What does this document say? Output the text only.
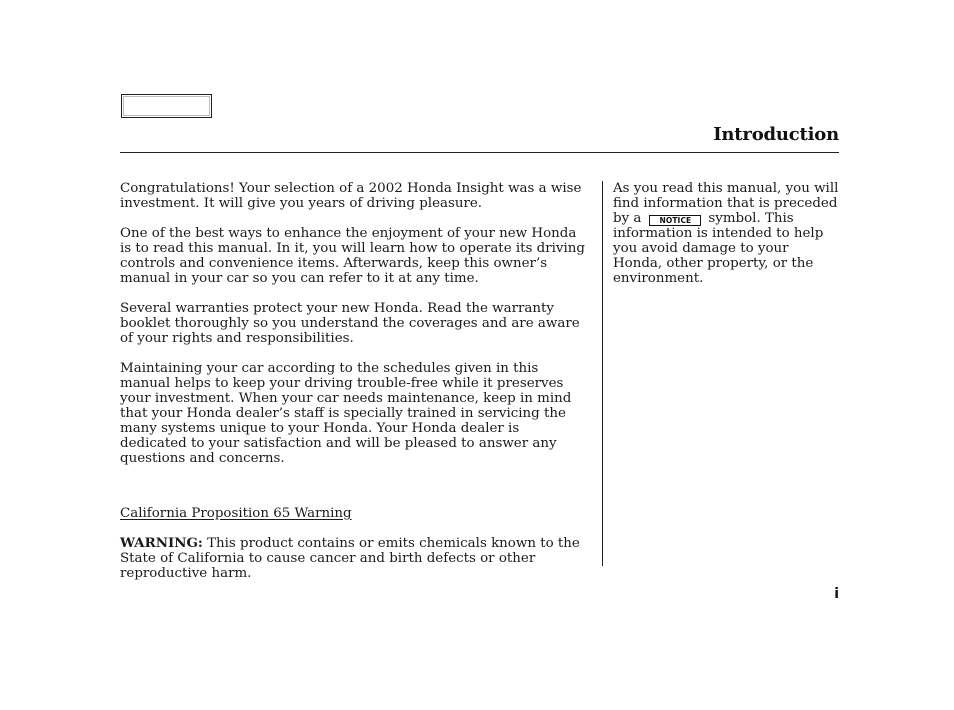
Introduction

Congratulations! Your selection of a 2002 Honda Insight was a wise investment. It will give you years of driving pleasure.

One of the best ways to enhance the enjoyment of your new Honda is to read this manual. In it, you will learn how to operate its driving controls and convenience items. Afterwards, keep this owner’s manual in your car so you can refer to it at any time.

Several warranties protect your new Honda. Read the warranty booklet thoroughly so you understand the coverages and are aware of your rights and responsibilities.

Maintaining your car according to the schedules given in this manual helps to keep your driving trouble-free while it preserves your investment. When your car needs maintenance, keep in mind that your Honda dealer’s staff is specially trained in servicing the many systems unique to your Honda. Your Honda dealer is dedicated to your satisfaction and will be pleased to answer any questions and concerns.

As you read this manual, you will find information that is preceded by a NOTICE symbol. This information is intended to help you avoid damage to your Honda, other property, or the environment.

California Proposition 65 Warning

WARNING: This product contains or emits chemicals known to the State of California to cause cancer and birth defects or other reproductive harm.

i
